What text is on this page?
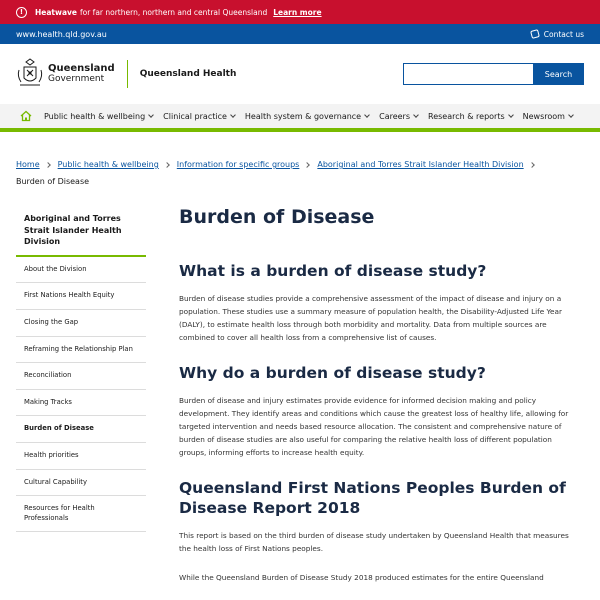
!	Heatwave for far northern, northern and central Queensland Learn more
www.health.qld.gov.au	Contact us
Queensland
Government	Queensland Health	Search
Public health & wellbeing Clinical practice Health system & governance Careers Research & reports Newsroom
Home Public health & wellbeing Information for specific groups Aboriginal and Torres Strait Islander Health Division
Burden of Disease
Aboriginal and Torres Strait Islander Health Division
About the Division
First Nations Health Equity
Closing the Gap
Reframing the Relationship Plan
Reconciliation
Making Tracks
Burden of Disease
Health priorities
Cultural Capability
Resources for Health Professionals
Burden of Disease
What is a burden of disease study?

Burden of disease studies provide a comprehensive assessment of the impact of disease and injury on a population. These studies use a summary measure of population health, the Disability-Adjusted Life Year (DALY), to estimate health loss through both morbidity and mortality. Data from multiple sources are combined to cover all health loss from a comprehensive list of causes.

Why do a burden of disease study?

Burden of disease and injury estimates provide evidence for informed decision making and policy development. They identify areas and conditions which cause the greatest loss of healthy life, allowing for targeted intervention and needs based resource allocation. The consistent and comprehensive nature of burden of disease studies are also useful for comparing the relative health loss of different population groups, informing efforts to increase health equity.

Queensland First Nations Peoples Burden of Disease Report 2018

This report is based on the third burden of disease study undertaken by Queensland Health that measures the health loss of First Nations peoples.

While the Queensland Burden of Disease Study 2018 produced estimates for the entire Queensland
